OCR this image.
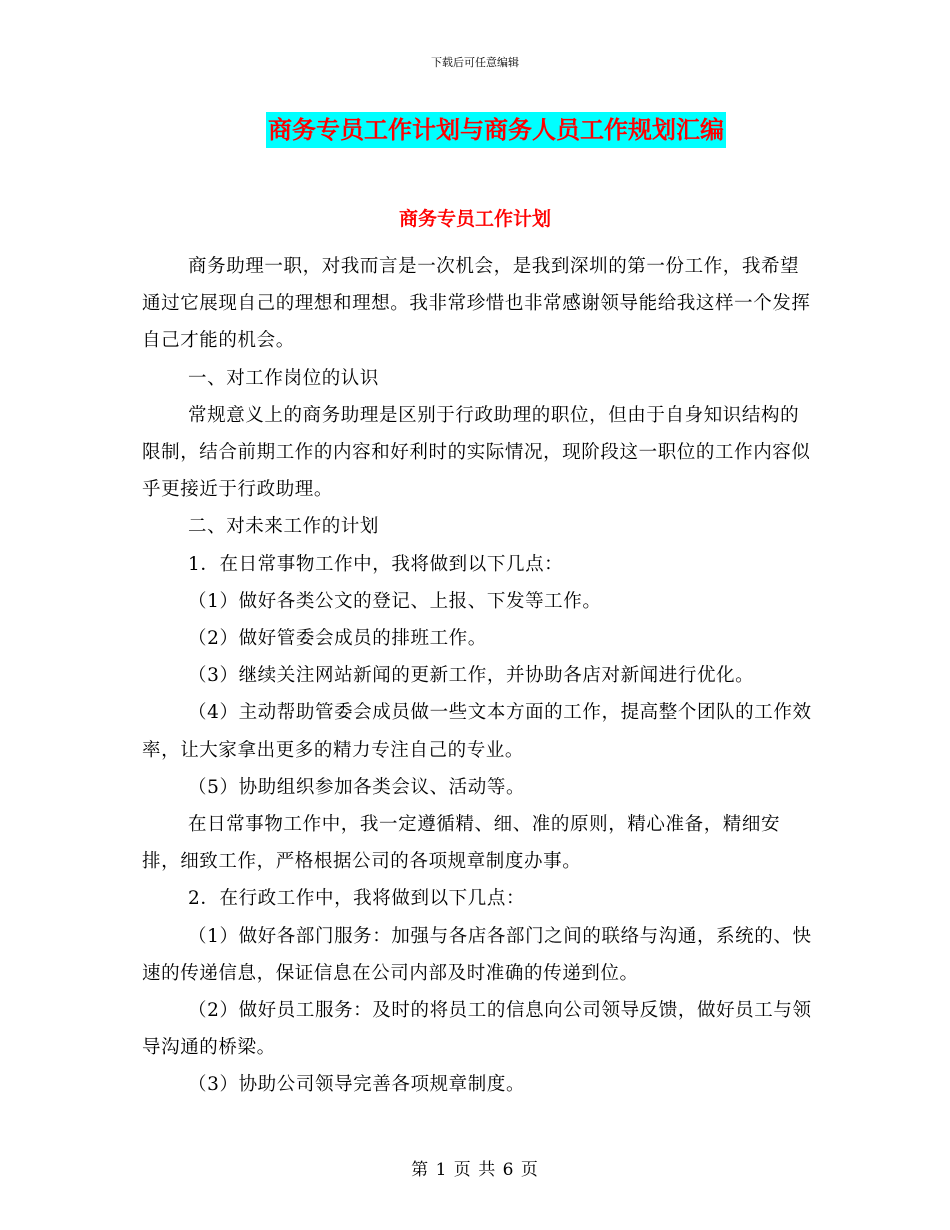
下载后可任意编辑
商务专员工作计划与商务人员工作规划汇编
商务专员工作计划

商务助理一职，对我而言是一次机会，是我到深圳的第一份工作，我希望通过它展现自己的理想和理想。我非常珍惜也非常感谢领导能给我这样一个发挥自己才能的机会。

一、对工作岗位的认识

常规意义上的商务助理是区别于行政助理的职位，但由于自身知识结构的限制，结合前期工作的内容和好利时的实际情况，现阶段这一职位的工作内容似乎更接近于行政助理。

二、对未来工作的计划

1．在日常事物工作中，我将做到以下几点：

（1）做好各类公文的登记、上报、下发等工作。

（2）做好管委会成员的排班工作。

（3）继续关注网站新闻的更新工作，并协助各店对新闻进行优化。

（4）主动帮助管委会成员做一些文本方面的工作，提高整个团队的工作效率，让大家拿出更多的精力专注自己的专业。

（5）协助组织参加各类会议、活动等。

在日常事物工作中，我一定遵循精、细、准的原则，精心准备，精细安排，细致工作，严格根据公司的各项规章制度办事。

2．在行政工作中，我将做到以下几点：

（1）做好各部门服务：加强与各店各部门之间的联络与沟通，系统的、快速的传递信息，保证信息在公司内部及时准确的传递到位。

（2）做好员工服务：及时的将员工的信息向公司领导反馈，做好员工与领导沟通的桥梁。

（3）协助公司领导完善各项规章制度。

第 1 页 共 6 页
